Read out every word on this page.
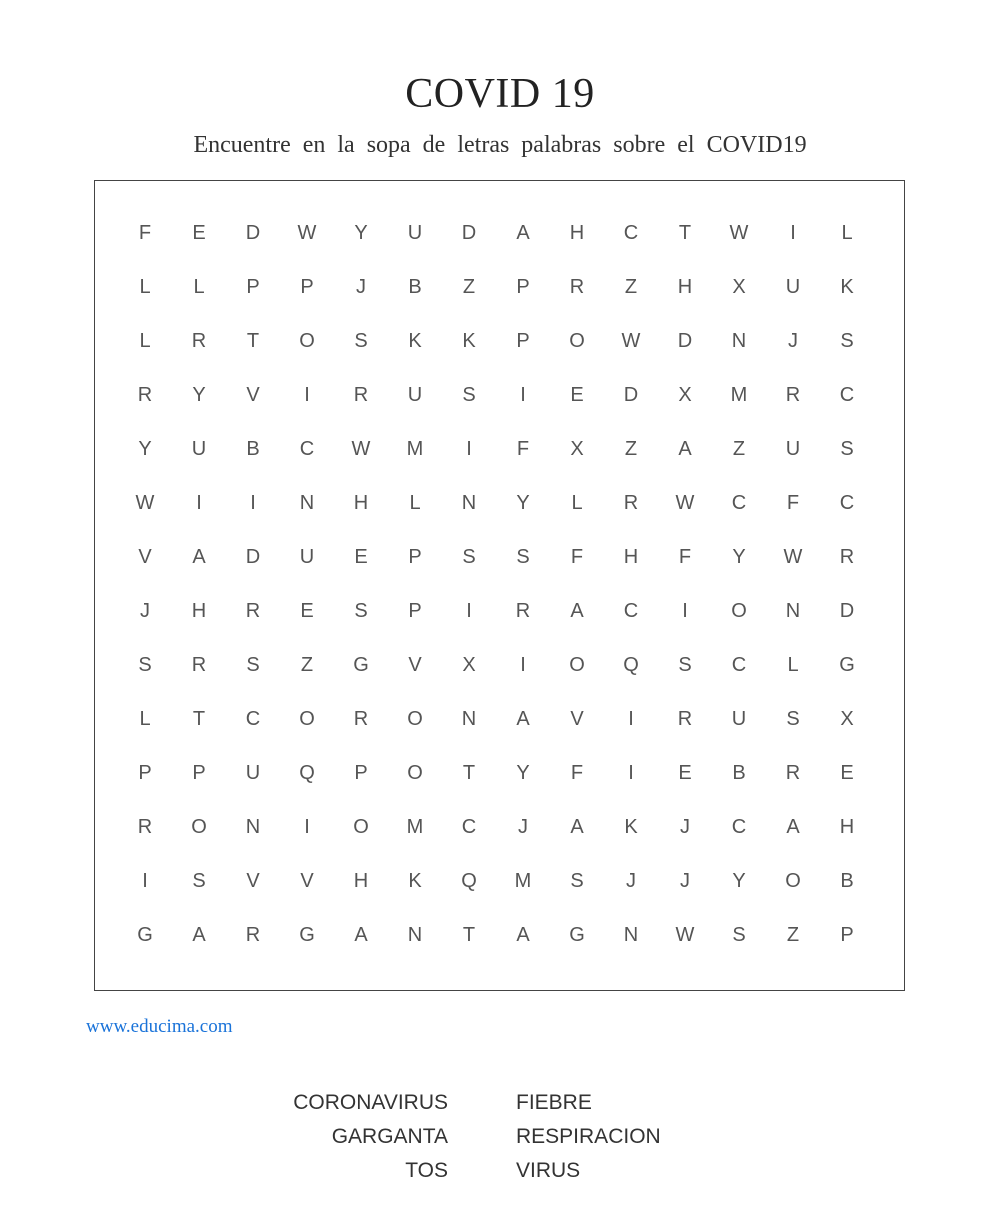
COVID 19
Encuentre en la sopa de letras palabras sobre el COVID19
F	E	D	W	Y	U	D	A	H	C	T	W	I	L
L	L	P	P	J	B	Z	P	R	Z	H	X	U	K
L	R	T	O	S	K	K	P	O	W	D	N	J	S
R	Y	V	I	R	U	S	I	E	D	X	M	R	C
Y	U	B	C	W	M	I	F	X	Z	A	Z	U	S
W	I	I	N	H	L	N	Y	L	R	W	C	F	C
V	A	D	U	E	P	S	S	F	H	F	Y	W	R
J	H	R	E	S	P	I	R	A	C	I	O	N	D
S	R	S	Z	G	V	X	I	O	Q	S	C	L	G
L	T	C	O	R	O	N	A	V	I	R	U	S	X
P	P	U	Q	P	O	T	Y	F	I	E	B	R	E
R	O	N	I	O	M	C	J	A	K	J	C	A	H
I	S	V	V	H	K	Q	M	S	J	J	Y	O	B
G	A	R	G	A	N	T	A	G	N	W	S	Z	P
www.educima.com
CORONAVIRUS
GARGANTA
TOS
FIEBRE
RESPIRACION
VIRUS
